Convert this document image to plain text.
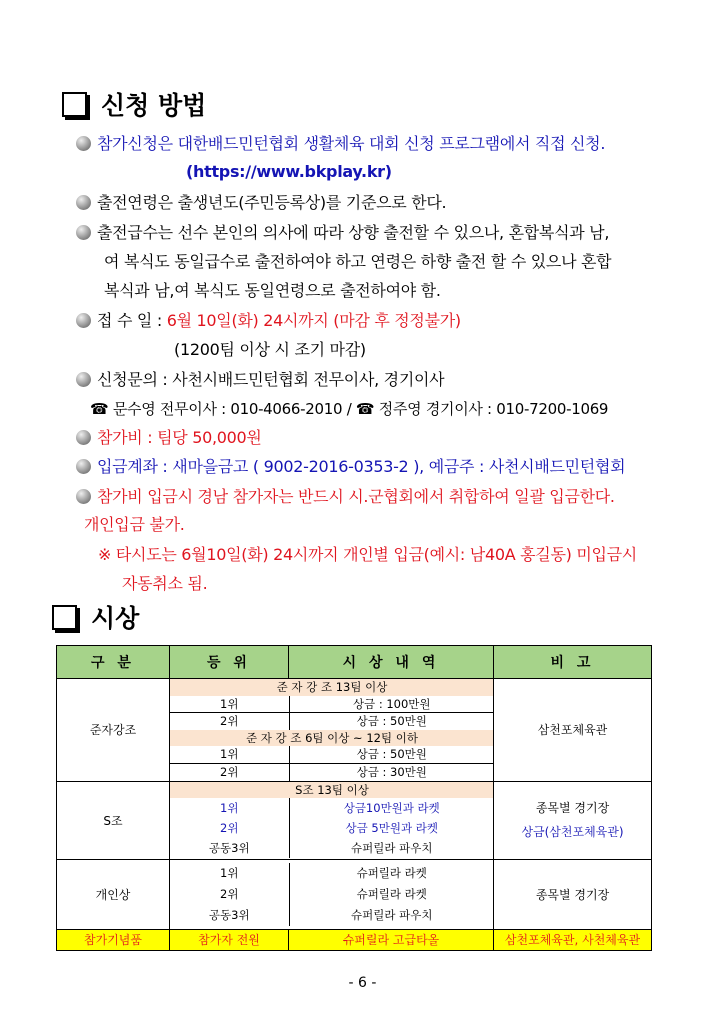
신청 방법
참가신청은 대한배드민턴협회 생활체육 대회 신청 프로그램에서 직접 신청.
(https://www.bkplay.kr)
출전연령은 출생년도(주민등록상)를 기준으로 한다.
출전급수는 선수 본인의 의사에 따라 상향 출전할 수 있으나, 혼합복식과 남,
여 복식도 동일급수로 출전하여야 하고 연령은 하향 출전 할 수 있으나 혼합
복식과 남,여 복식도 동일연령으로 출전하여야 함.
접 수 일 : 6월 10일(화) 24시까지 (마감 후 정정불가)
(1200팀 이상 시 조기 마감)
신청문의 : 사천시배드민턴협회 전무이사, 경기이사
☎ 문수영 전무이사 : 010-4066-2010 / ☎ 정주영 경기이사 : 010-7200-1069
참가비 : 팀당 50,000원
입금계좌 : 새마을금고 ( 9002-2016-0353-2 ), 예금주 : 사천시배드민턴협회
참가비 입금시 경남 참가자는 반드시 시.군협회에서 취합하여 일괄 입금한다.
개인입금 불가.
※ 타시도는 6월10일(화) 24시까지 개인별 입금(예시: 남40A 홍길동) 미입금시
자동취소 됨.
시상
구 분	등 위	시 상 내 역	비 고
준자강조	
준 자 강 조 13팀 이상
1위	상금 : 100만원
2위	상금 : 50만원
준 자 강 조 6팀 이상 ~ 12팀 이하
1위	상금 : 50만원
2위	상금 : 30만원
	삼천포체육관
S조	
S조 13팀 이상
1위	상금10만원과 라켓
2위	상금 5만원과 라켓
공동3위	슈퍼릴라 파우치

종목별 경기장
상금(삼천포체육관)

개인상	
1위	슈퍼릴라 라켓
2위	슈퍼릴라 라켓
공동3위	슈퍼릴라 파우치
	종목별 경기장
참가기념품	참가자 전원	슈퍼릴라 고급타올	삼천포체육관, 사천체육관
- 6 -
